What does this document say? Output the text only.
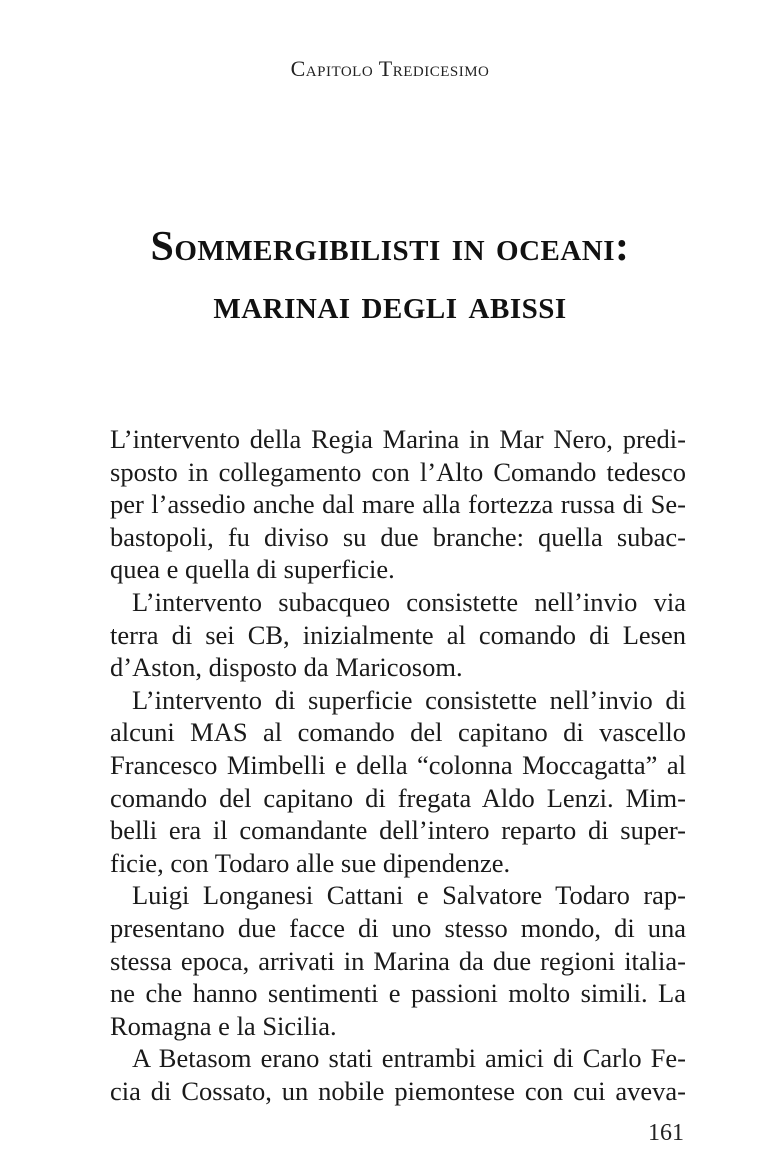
Capitolo Tredicesimo
Sommergibilisti in oceani:
marinai degli abissi
L’intervento della Regia Marina in Mar Nero, predi-
sposto in collegamento con l’Alto Comando tedesco
per l’assedio anche dal mare alla fortezza russa di Se-
bastopoli, fu diviso su due branche: quella subac-
quea e quella di superficie.
L’intervento subacqueo consistette nell’invio via
terra di sei CB, inizialmente al comando di Lesen
d’Aston, disposto da Maricosom.
L’intervento di superficie consistette nell’invio di
alcuni MAS al comando del capitano di vascello
Francesco Mimbelli e della “colonna Moccagatta” al
comando del capitano di fregata Aldo Lenzi. Mim-
belli era il comandante dell’intero reparto di super-
ficie, con Todaro alle sue dipendenze.
Luigi Longanesi Cattani e Salvatore Todaro rap-
presentano due facce di uno stesso mondo, di una
stessa epoca, arrivati in Marina da due regioni italia-
ne che hanno sentimenti e passioni molto simili. La
Romagna e la Sicilia.
A Betasom erano stati entrambi amici di Carlo Fe-
cia di Cossato, un nobile piemontese con cui aveva-
161
